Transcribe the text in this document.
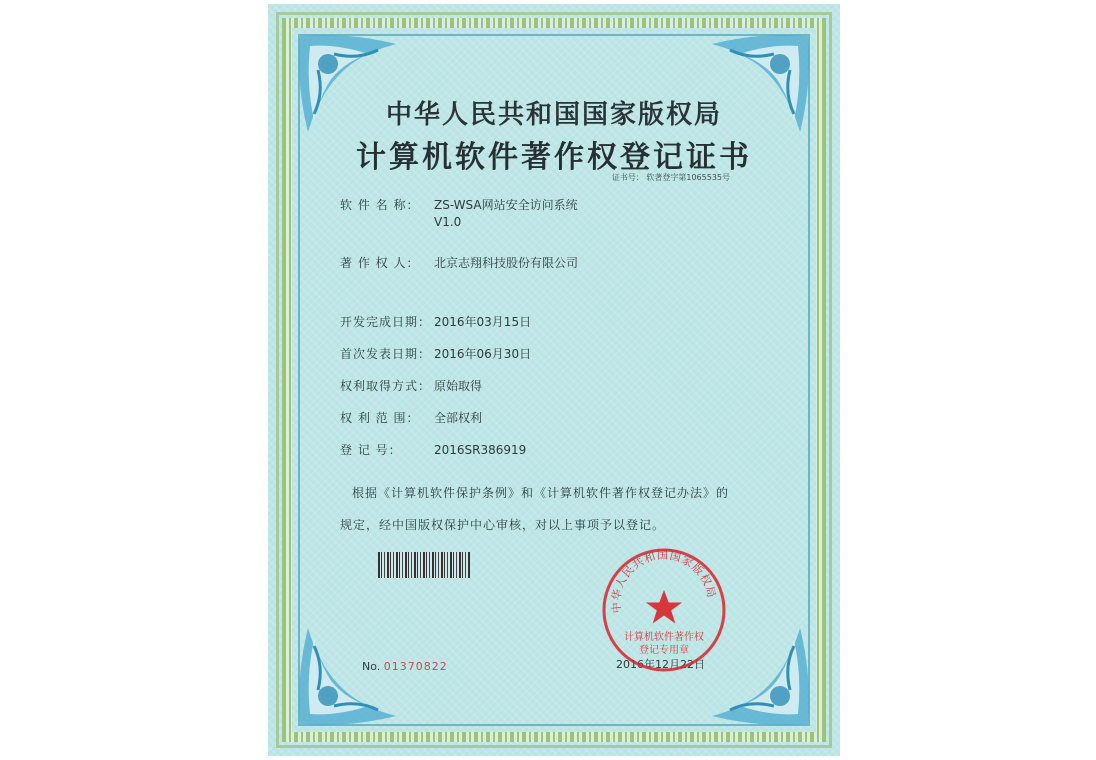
中华人民共和国国家版权局
计算机软件著作权登记证书
证书号： 软著登字第1065535号
软 件 名 称： ZS-WSA网站安全访问系统
V1.0
著 作 权 人： 北京志翔科技股份有限公司
开发完成日期： 2016年03月15日
首次发表日期： 2016年06月30日
权利取得方式： 原始取得
权 利 范 围： 全部权利
登 记 号：	2016SR386919
根据《计算机软件保护条例》和《计算机软件著作权登记办法》的
规定，经中国版权保护中心审核，对以上事项予以登记。
No. 01370822	2016年12月22日
中华人民共和国国家版权局
计算机软件著作权
登记专用章
